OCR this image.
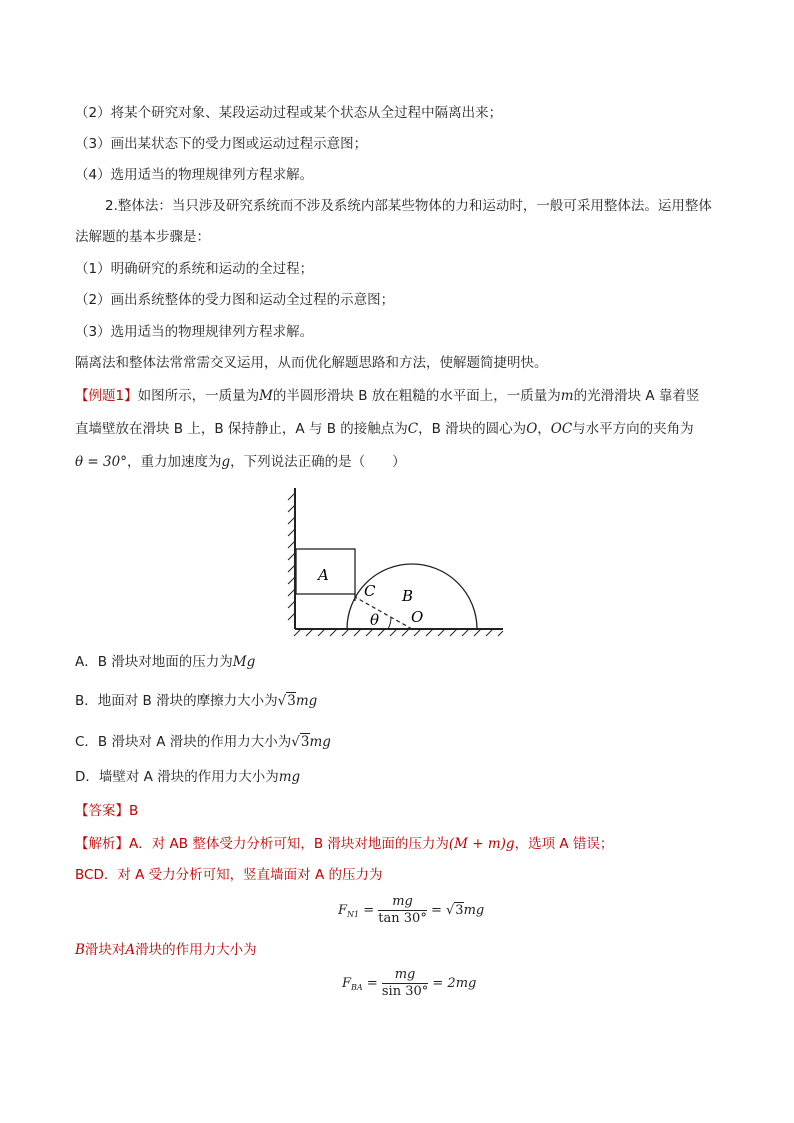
（2）将某个研究对象、某段运动过程或某个状态从全过程中隔离出来；
（3）画出某状态下的受力图或运动过程示意图；
（4）选用适当的物理规律列方程求解。
2.整体法：当只涉及研究系统而不涉及系统内部某些物体的力和运动时，一般可采用整体法。运用整体
法解题的基本步骤是：
（1）明确研究的系统和运动的全过程；
（2）画出系统整体的受力图和运动全过程的示意图；
（3）选用适当的物理规律列方程求解。
隔离法和整体法常常需交叉运用，从而优化解题思路和方法，使解题简捷明快。
【例题1】如图所示，一质量为M的半圆形滑块 B 放在粗糙的水平面上，一质量为m的光滑滑块 A 靠着竖
直墙壁放在滑块 B 上，B 保持静止，A 与 B 的接触点为C，B 滑块的圆心为O，OC与水平方向的夹角为
θ = 30°，重力加速度为g，下列说法正确的是（　　）
A
C B
O
θ
A．B 滑块对地面的压力为Mg
B．地面对 B 滑块的摩擦力大小为√3mg
C．B 滑块对 A 滑块的作用力大小为√3mg
D．墙壁对 A 滑块的作用力大小为mg
【答案】B
【解析】A．对 AB 整体受力分析可知，B 滑块对地面的压力为(M + m)g，选项 A 错误；
BCD．对 A 受力分析可知，竖直墙面对 A 的压力为
$F_{N1} = \frac{mg}{\tan 30^\circ} = √3mg$
B滑块对A滑块的作用力大小为
$F_{BA} = \frac{mg}{\sin 30^\circ} = 2mg$
